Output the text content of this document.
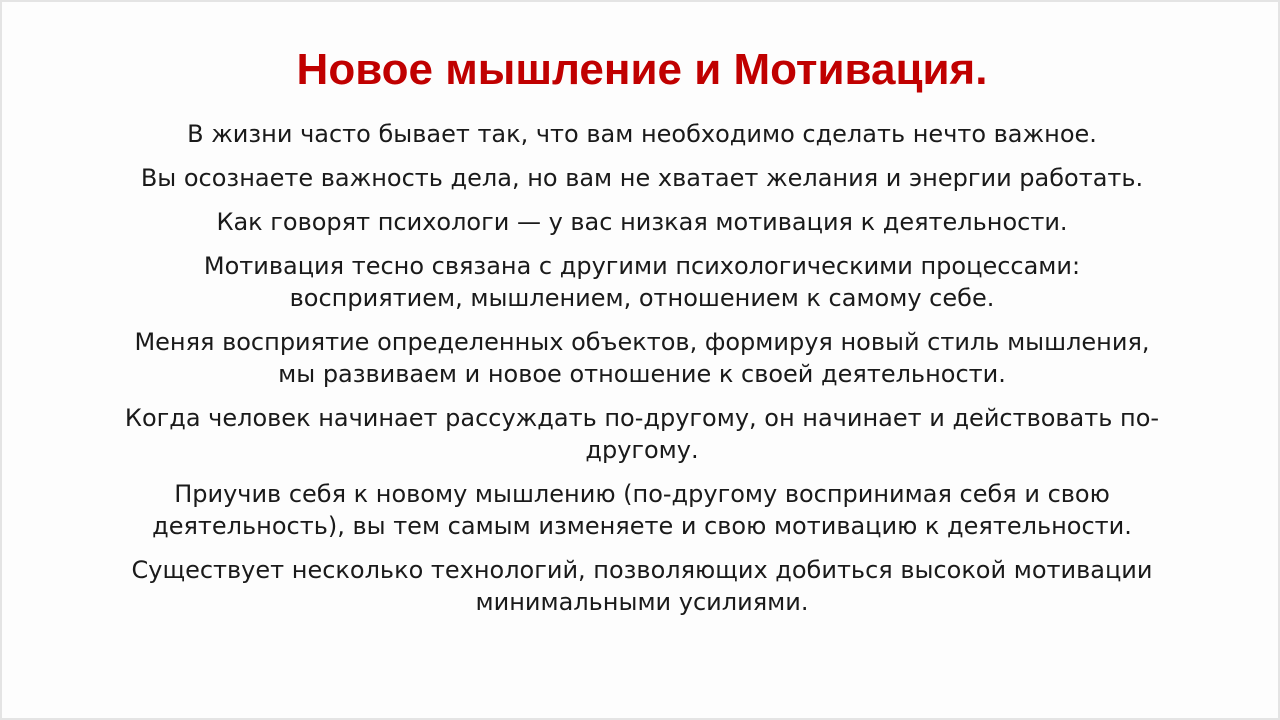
Новое мышление и Мотивация.

В жизни часто бывает так, что вам необходимо сделать нечто важное.

Вы осознаете важность дела, но вам не хватает желания и энергии работать.

Как говорят психологи — у вас низкая мотивация к деятельности.

Мотивация тесно связана с другими психологическими процессами:
восприятием, мышлением, отношением к самому себе.

Меняя восприятие определенных объектов, формируя новый стиль мышления,
мы развиваем и новое отношение к своей деятельности.

Когда человек начинает рассуждать по-другому, он начинает и действовать по-
другому.

Приучив себя к новому мышлению (по-другому воспринимая себя и свою
деятельность), вы тем самым изменяете и свою мотивацию к деятельности.

Существует несколько технологий, позволяющих добиться высокой мотивации
минимальными усилиями.
